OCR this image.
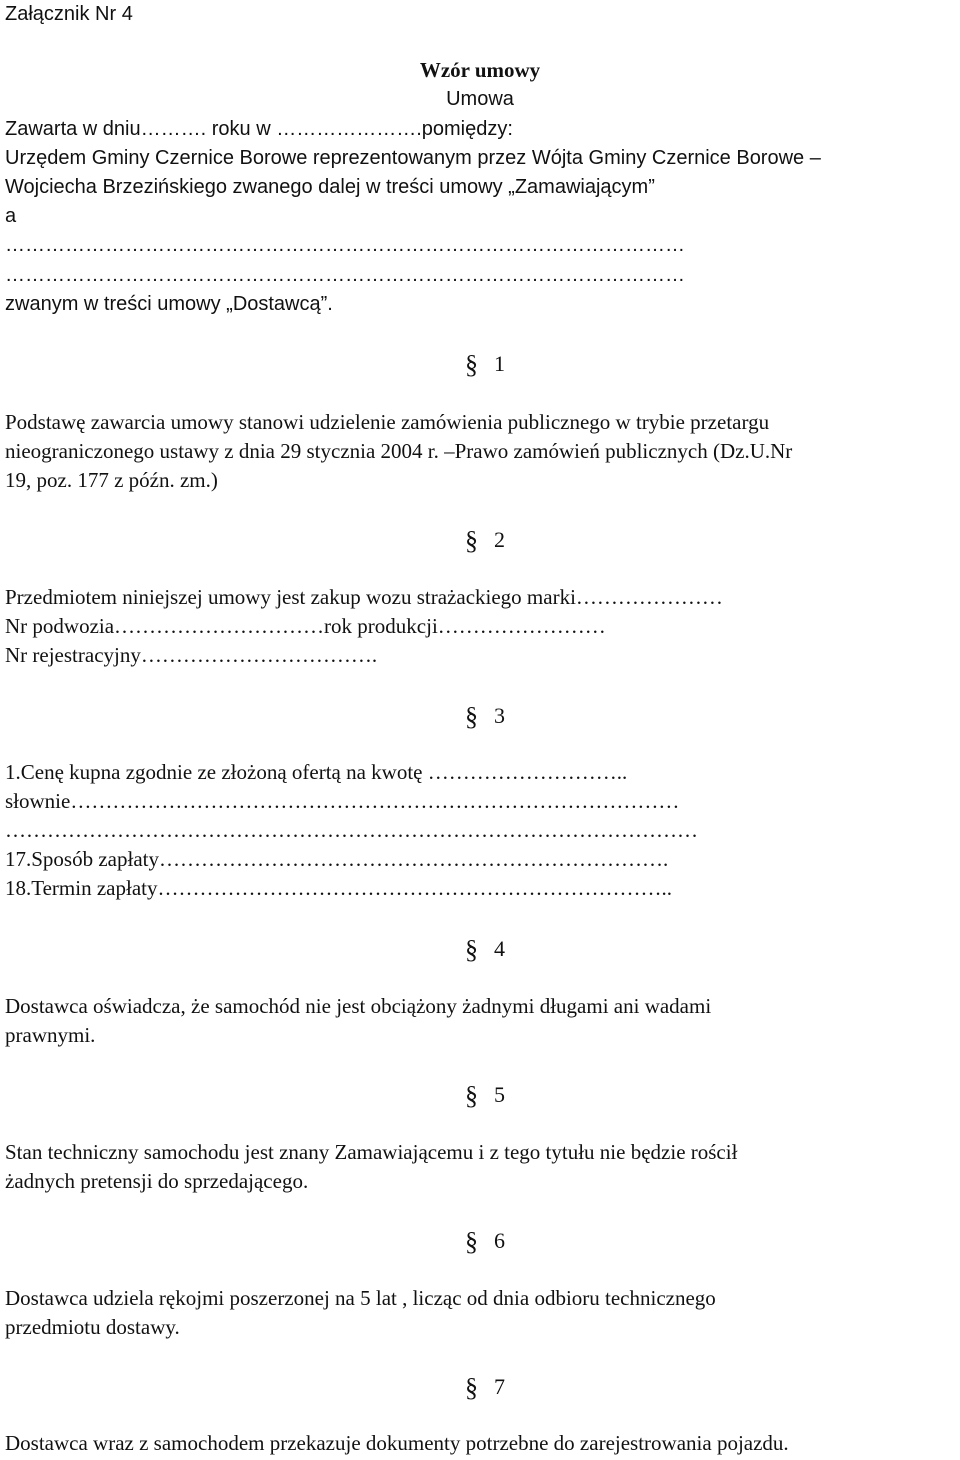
Załącznik Nr 4
Wzór umowy
Umowa
Zawarta w dniu………. roku w ………………….pomiędzy:
Urzędem Gminy Czernice Borowe reprezentowanym przez Wójta Gminy Czernice Borowe –
Wojciecha Brzezińskiego zwanego dalej w treści umowy „Zamawiającym”
a
…………………………………………………………………………………………
…………………………………………………………………………………………
zwanym w treści umowy „Dostawcą”.
§ 1
Podstawę zawarcia umowy stanowi udzielenie zamówienia publicznego w trybie przetargu
nieograniczonego ustawy z dnia 29 stycznia 2004 r. –Prawo zamówień publicznych (Dz.U.Nr
19, poz. 177 z późn. zm.)
§ 2
Przedmiotem niniejszej umowy jest zakup wozu strażackiego marki…………………
Nr podwozia…………………………rok produkcji……………………
Nr rejestracyjny…………………………….
§ 3
1.Cenę kupna zgodnie ze złożoną ofertą na kwotę ………………………..
słownie……………………………………………………………………………
………………………………………………………………………………………
17.Sposób zapłaty……………………………………………………………….
18.Termin zapłaty………………………………………………………………..
§ 4
Dostawca oświadcza, że samochód nie jest obciążony żadnymi długami ani wadami
prawnymi.
§ 5
Stan techniczny samochodu jest znany Zamawiającemu i z tego tytułu nie będzie rościł
żadnych pretensji do sprzedającego.
§ 6
Dostawca udziela rękojmi poszerzonej na 5 lat , licząc od dnia odbioru technicznego
przedmiotu dostawy.
§ 7
Dostawca wraz z samochodem przekazuje dokumenty potrzebne do zarejestrowania pojazdu.
